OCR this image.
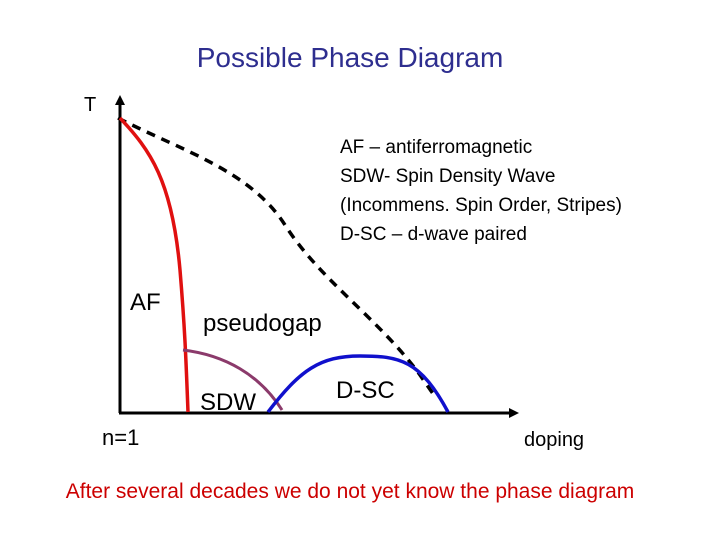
Possible Phase Diagram
T
n=1	doping
AF – antiferromagnetic
SDW- Spin Density Wave
(Incommens. Spin Order, Stripes)
D-SC – d-wave paired
AF
pseudogap
SDW	D-SC
After several decades we do not yet know the phase diagram
